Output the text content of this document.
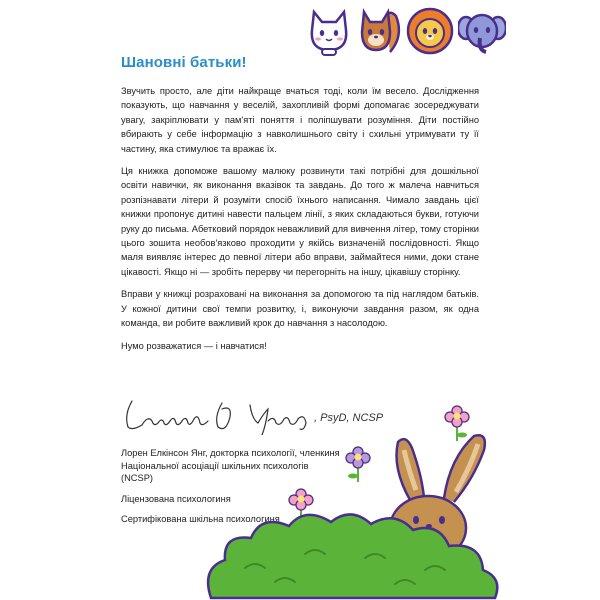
Шановні батьки!

Звучить просто, але діти найкраще вчаться тоді, коли їм весело. Дослідження показують, що навчання у веселій, захопливій формі допомагає зосереджувати увагу, закріплювати у пам'яті поняття і поліпшувати розуміння. Діти постійно вбирають у себе інформацію з навколишнього світу і схильні утримувати ту її частину, яка стимулює та вражає їх.

Ця книжка допоможе вашому малюку розвинути такі потрібні для дошкільної освіти навички, як виконання вказівок та завдань. До того ж малеча навчиться розпізнавати літери й розуміти спосіб їхнього написання. Чимало завдань цієї книжки пропонує дитині навести пальцем лінії, з яких складаються букви, готуючи руку до письма. Абетковий порядок неважливий для вивчення літер, тому сторінки цього зошита необов'язково проходити у якійсь визначеній послідовності. Якщо маля виявляє інтерес до певної літери або вправи, займайтеся ними, доки стане цікавості. Якщо ні — зробіть перерву чи перегорніть на іншу, цікавішу сторінку.

Вправи у книжці розраховані на виконання за допомогою та під наглядом батьків. У кожної дитини свої темпи розвитку, і, виконуючи завдання разом, як одна команда, ви робите важливий крок до навчання з насолодою.

Нумо розважатися — і навчатися!

, PsyD, NCSP

Лорен Елкінсон Янг, докторка психології, членкиня Національної асоціації шкільних психологів (NCSP)

Ліцензована психологиня

Сертифікована шкільна психологиня
